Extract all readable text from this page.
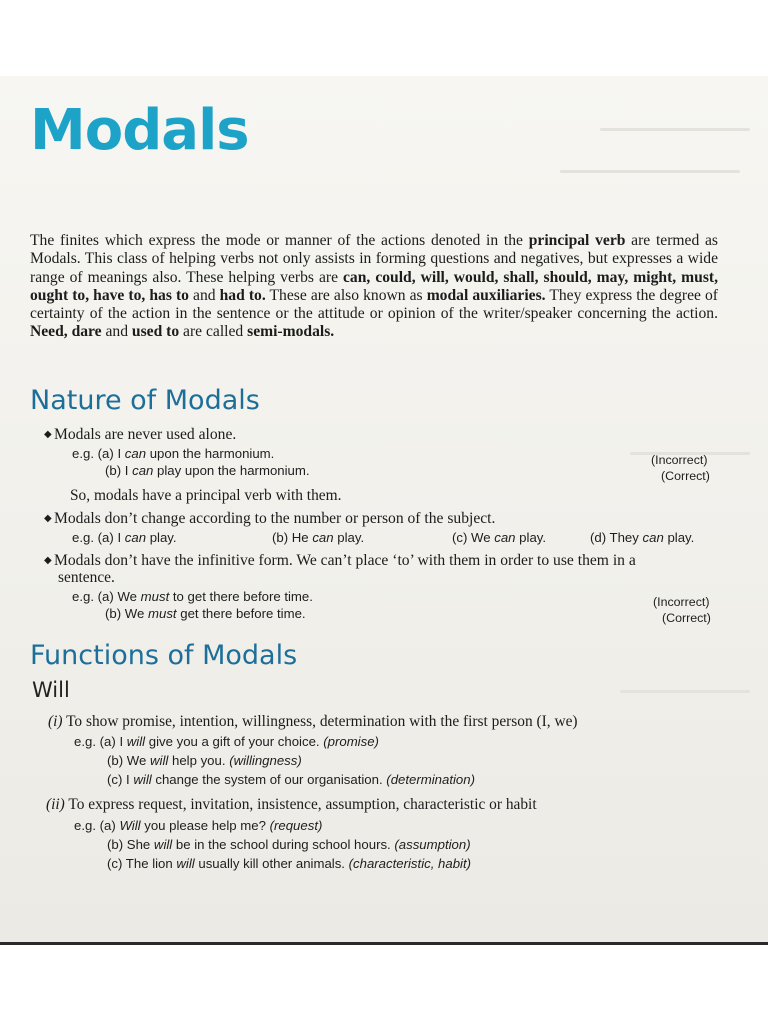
Modals
The finites which express the mode or manner of the actions denoted in the principal verb are termed as Modals. This class of helping verbs not only assists in forming questions and negatives, but expresses a wide range of meanings also. These helping verbs are can, could, will, would, shall, should, may, might, must, ought to, have to, has to and had to. These are also known as modal auxiliaries. They express the degree of certainty of the action in the sentence or the attitude or opinion of the writer/speaker concerning the action. Need, dare and used to are called semi-modals.
Nature of Modals
◆ Modals are never used alone.
e.g. (a) I can upon the harmonium.	(Incorrect)
(b) I can play upon the harmonium.	(Correct)
So, modals have a principal verb with them.
◆ Modals don’t change according to the number or person of the subject.
e.g. (a) I can play.	(b) He can play.	(c) We can play.	(d) They can play.
◆ Modals don’t have the infinitive form. We can’t place ‘to’ with them in order to use them in a
sentence.
e.g. (a) We must to get there before time.	(Incorrect)
(b) We must get there before time.	(Correct)
Functions of Modals
Will
(i) To show promise, intention, willingness, determination with the first person (I, we)
e.g. (a) I will give you a gift of your choice. (promise)
(b) We will help you. (willingness)
(c) I will change the system of our organisation. (determination)
(ii) To express request, invitation, insistence, assumption, characteristic or habit
e.g. (a) Will you please help me? (request)
(b) She will be in the school during school hours. (assumption)
(c) The lion will usually kill other animals. (characteristic, habit)
